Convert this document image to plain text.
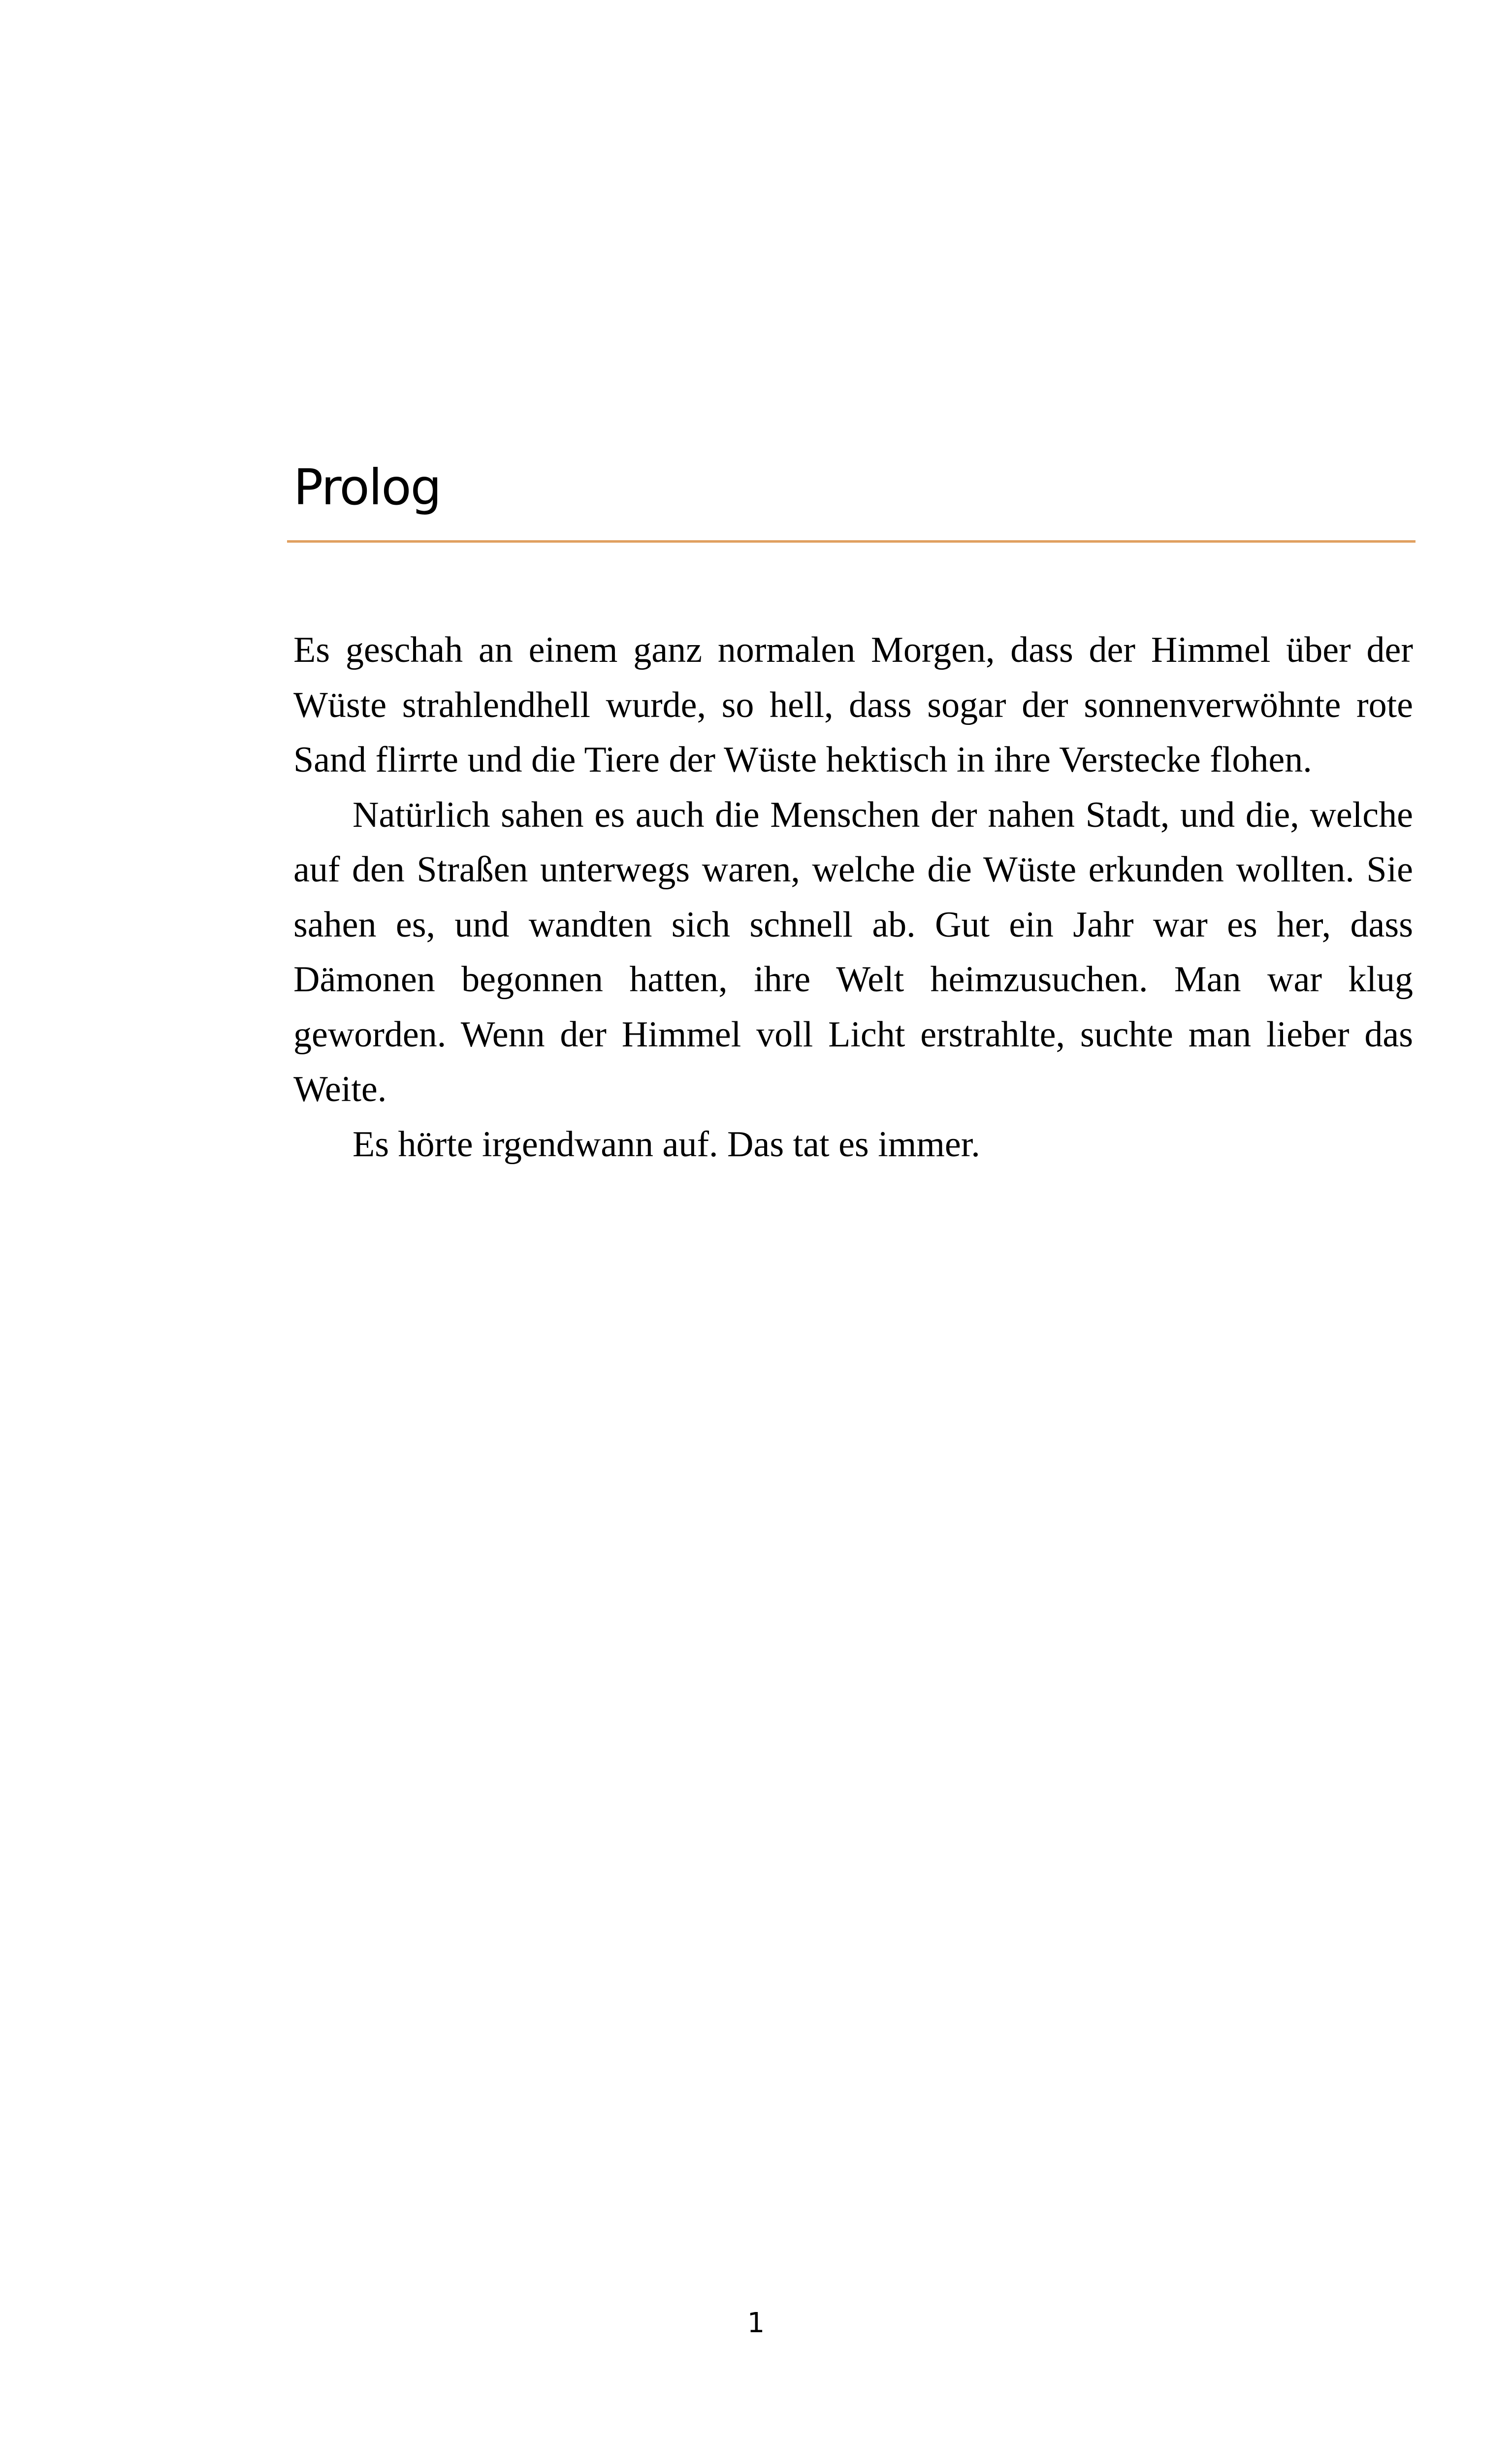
Prolog

Es geschah an einem ganz normalen Morgen, dass der Himmel über der Wüste strahlendhell wurde, so hell, dass sogar der sonnenverwöhnte rote Sand flirrte und die Tiere der Wüste hektisch in ihre Verstecke flohen.

Natürlich sahen es auch die Menschen der nahen Stadt, und die, welche auf den Straßen unterwegs waren, welche die Wüste erkunden wollten. Sie sahen es, und wandten sich schnell ab. Gut ein Jahr war es her, dass Dämonen begonnen hatten, ihre Welt heimzusuchen. Man war klug geworden. Wenn der Himmel voll Licht erstrahlte, suchte man lieber das Weite.

Es hörte irgendwann auf. Das tat es immer.

1
